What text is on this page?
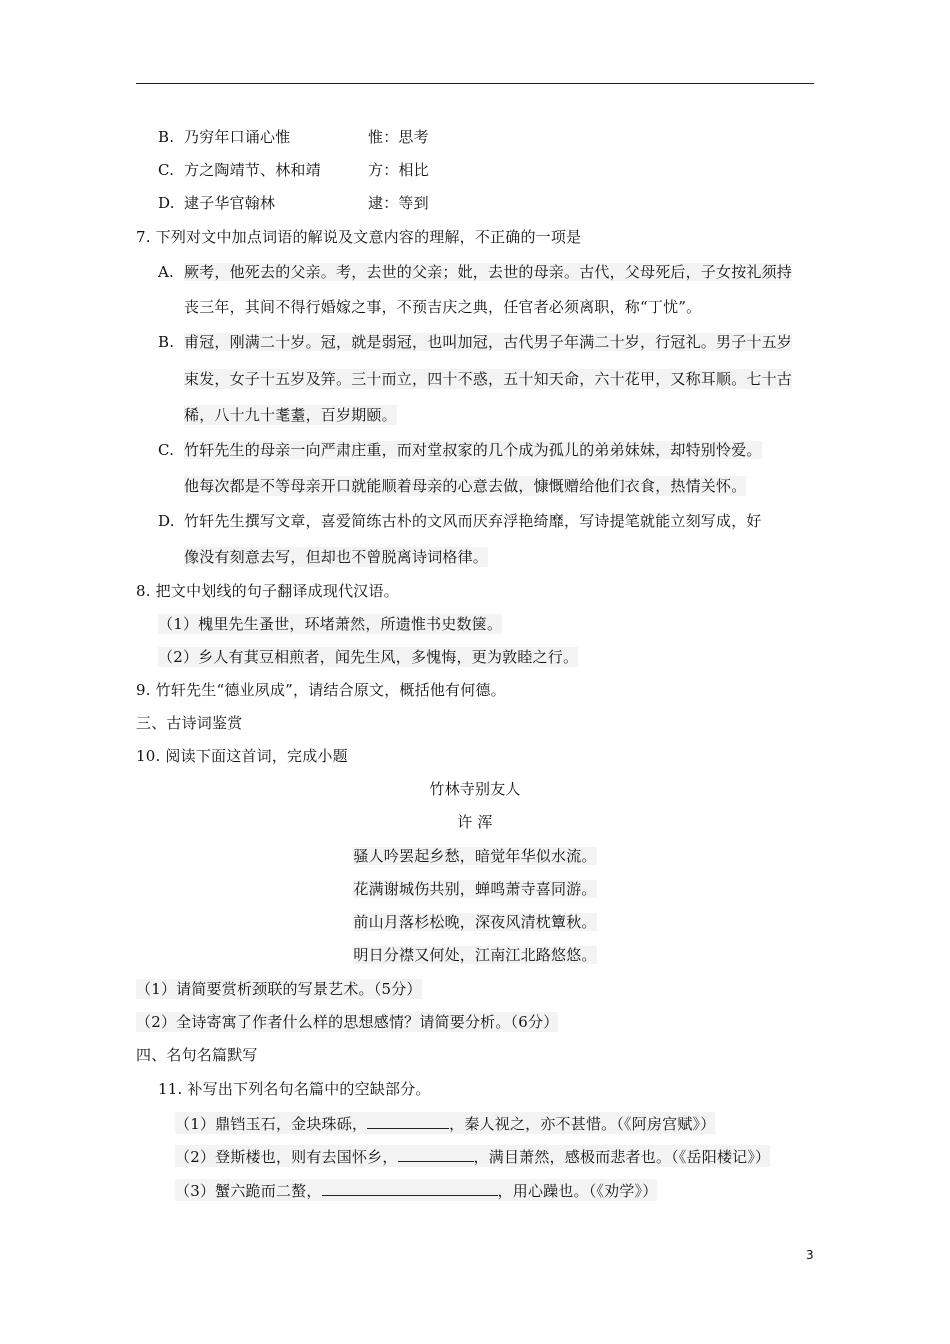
B. 乃穷年口诵心惟	惟：思考
C. 方之陶靖节、林和靖	方：相比
D. 逮子华官翰林	逮：等到
7. 下列对文中加点词语的解说及文意内容的理解，不正确的一项是
A. 厥考，他死去的父亲。考，去世的父亲；妣，去世的母亲。古代，父母死后，子女按礼须持
丧三年，其间不得行婚嫁之事，不预吉庆之典，任官者必须离职，称“丁忧”。
B. 甫冠，刚满二十岁。冠，就是弱冠，也叫加冠，古代男子年满二十岁，行冠礼。男子十五岁
束发，女子十五岁及笄。三十而立，四十不惑，五十知天命，六十花甲，又称耳顺。七十古
稀，八十九十耄耋，百岁期颐。
C. 竹轩先生的母亲一向严肃庄重，而对堂叔家的几个成为孤儿的弟弟妹妹，却特别怜爱。
他每次都是不等母亲开口就能顺着母亲的心意去做，慷慨赠给他们衣食，热情关怀。
D. 竹轩先生撰写文章，喜爱简练古朴的文风而厌弃浮艳绮靡，写诗提笔就能立刻写成，好
像没有刻意去写，但却也不曾脱离诗词格律。
8. 把文中划线的句子翻译成现代汉语。
（1）槐里先生蚤世，环堵萧然，所遗惟书史数箧。
（2）乡人有萁豆相煎者，闻先生风，多愧悔，更为敦睦之行。
9. 竹轩先生“德业夙成”，请结合原文，概括他有何德。
三、古诗词鉴赏
10. 阅读下面这首词，完成小题
竹林寺别友人
许 浑
骚人吟罢起乡愁，暗觉年华似水流。
花满谢城伤共别，蝉鸣萧寺喜同游。
前山月落杉松晚，深夜风清枕簟秋。
明日分襟又何处，江南江北路悠悠。
（1）请简要赏析颈联的写景艺术。（5分）
（2）全诗寄寓了作者什么样的思想感情？请简要分析。（6分）
四、名句名篇默写
11. 补写出下列名句名篇中的空缺部分。
（1）鼎铛玉石，金块珠砾，	，秦人视之，亦不甚惜。（《阿房宫赋》）
（2）登斯楼也，则有去国怀乡，	，满目萧然，感极而悲者也。（《岳阳楼记》）
（3）蟹六跪而二螯，	，用心躁也。（《劝学》）
3
